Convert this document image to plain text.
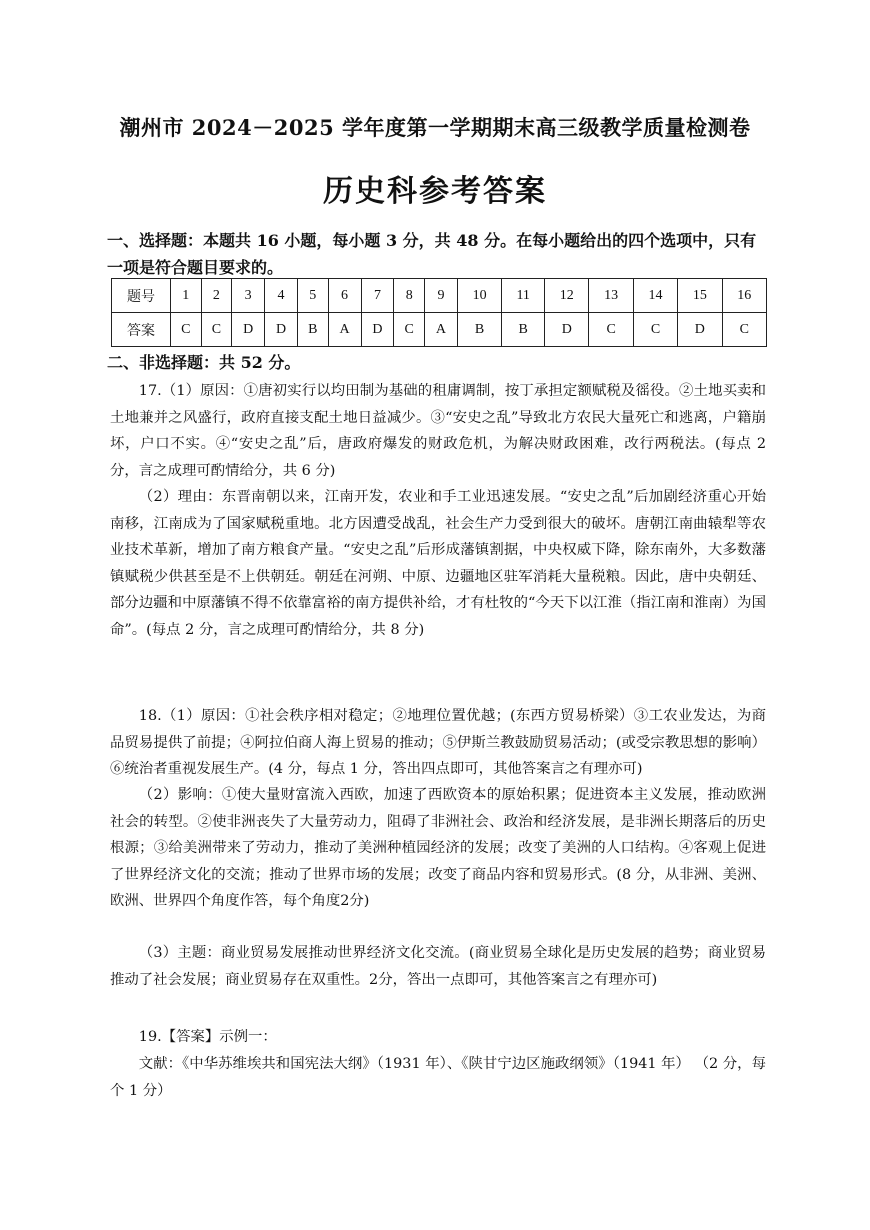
潮州市 2024－2025 学年度第一学期期末高三级教学质量检测卷
历史科参考答案
一、选择题：本题共 16 小题，每小题 3 分，共 48 分。在每小题给出的四个选项中，只有一项是符合题目要求的。
题号	1	2	3	4	5	6	7	8	9	10	11	12	13	14	15	16
答案	C	C	D	D	B	A	D	C	A	B	B	D	C	C	D	C
二、非选择题：共 52 分。
17.（1）原因：①唐初实行以均田制为基础的租庸调制，按丁承担定额赋税及徭役。②土地买卖和土地兼并之风盛行，政府直接支配土地日益减少。③“安史之乱”导致北方农民大量死亡和逃离，户籍崩坏，户口不实。④“安史之乱”后，唐政府爆发的财政危机，为解决财政困难，改行两税法。(每点 2 分，言之成理可酌情给分，共 6 分)
（2）理由：东晋南朝以来，江南开发，农业和手工业迅速发展。“安史之乱”后加剧经济重心开始南移，江南成为了国家赋税重地。北方因遭受战乱，社会生产力受到很大的破坏。唐朝江南曲辕犁等农业技术革新，增加了南方粮食产量。“安史之乱”后形成藩镇割据，中央权威下降，除东南外，大多数藩镇赋税少供甚至是不上供朝廷。朝廷在河朔、中原、边疆地区驻军消耗大量税粮。因此，唐中央朝廷、部分边疆和中原藩镇不得不依靠富裕的南方提供补给，才有杜牧的“今天下以江淮（指江南和淮南）为国命”。(每点 2 分，言之成理可酌情给分，共 8 分)
18.（1）原因：①社会秩序相对稳定；②地理位置优越；(东西方贸易桥梁）③工农业发达，为商品贸易提供了前提；④阿拉伯商人海上贸易的推动；⑤伊斯兰教鼓励贸易活动；(或受宗教思想的影响）⑥统治者重视发展生产。(4 分，每点 1 分，答出四点即可，其他答案言之有理亦可)
（2）影响：①使大量财富流入西欧，加速了西欧资本的原始积累；促进资本主义发展，推动欧洲社会的转型。②使非洲丧失了大量劳动力，阻碍了非洲社会、政治和经济发展，是非洲长期落后的历史根源；③给美洲带来了劳动力，推动了美洲种植园经济的发展；改变了美洲的人口结构。④客观上促进了世界经济文化的交流；推动了世界市场的发展；改变了商品内容和贸易形式。(8 分，从非洲、美洲、欧洲、世界四个角度作答，每个角度2分)
（3）主题：商业贸易发展推动世界经济文化交流。(商业贸易全球化是历史发展的趋势；商业贸易推动了社会发展；商业贸易存在双重性。2分，答出一点即可，其他答案言之有理亦可)
19.【答案】示例一：
文献：《中华苏维埃共和国宪法大纲》（1931 年）、《陕甘宁边区施政纲领》（1941 年） （2 分，每个 1 分）
